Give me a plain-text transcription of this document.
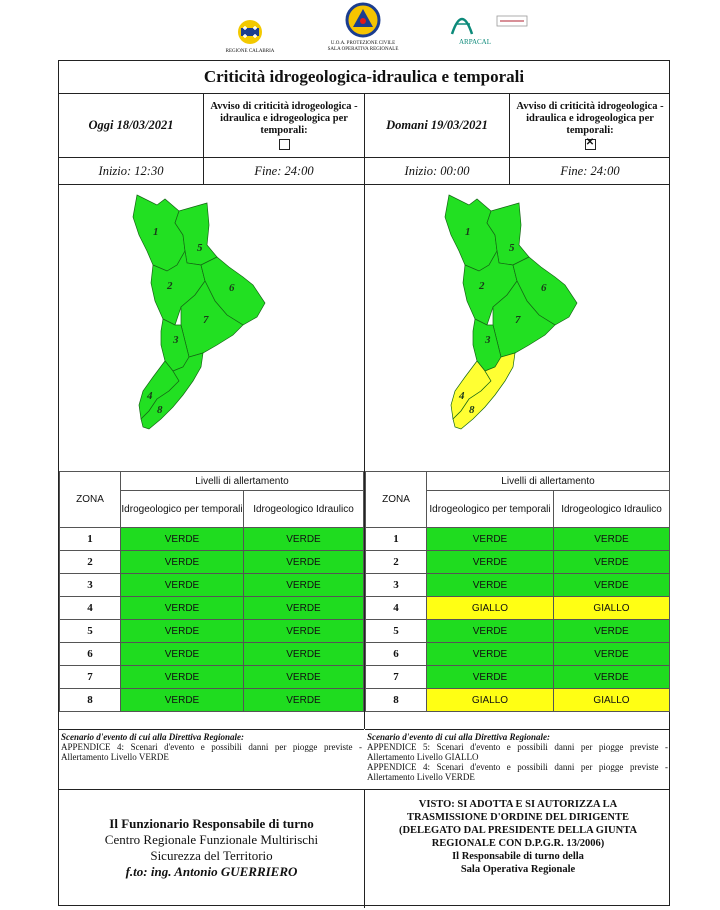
REGIONE CALABRIA
U.O.A. PROTEZIONE CIVILE
SALA OPERATIVA REGIONALE
ARPACAL
Criticità idrogeologica-idraulica e temporali
Oggi 18/03/2021
Avviso di criticità idrogeologica - idraulica e idrogeologica per temporali:
Inizio: 12:30	Fine: 24:00
1
2
3
4
5
6
7
8
ZONA	Livelli di allertamento	
	Idrogeologico per temporali	Idrogeologico Idraulico
1	VERDE	VERDE
2	VERDE	VERDE
3	VERDE	VERDE
4	VERDE	VERDE
5	VERDE	VERDE
6	VERDE	VERDE
7	VERDE	VERDE
8	VERDE	VERDE
Scenario d'evento di cui alla Direttiva Regionale:
APPENDICE 4: Scenari d'evento e possibili danni per piogge previste - Allertamento Livello VERDE
Domani 19/03/2021
Avviso di criticità idrogeologica - idraulica e idrogeologica per temporali:
✕
Inizio: 00:00	Fine: 24:00
1
2
3
4
5
6
7
8
ZONA	Livelli di allertamento	
	Idrogeologico per temporali	Idrogeologico Idraulico
1	VERDE	VERDE
2	VERDE	VERDE
3	VERDE	VERDE
4	GIALLO	GIALLO
5	VERDE	VERDE
6	VERDE	VERDE
7	VERDE	VERDE
8	GIALLO	GIALLO
Scenario d'evento di cui alla Direttiva Regionale:
APPENDICE 5: Scenari d'evento e possibili danni per piogge previste - Allertamento Livello GIALLO
APPENDICE 4: Scenari d'evento e possibili danni per piogge previste - Allertamento Livello VERDE
Il Funzionario Responsabile di turno
Centro Regionale Funzionale Multirischi
Sicurezza del Territorio
f.to: ing. Antonio GUERRIERO
VISTO: SI ADOTTA E SI AUTORIZZA LA TRASMISSIONE D'ORDINE DEL DIRIGENTE
(DELEGATO DAL PRESIDENTE DELLA GIUNTA REGIONALE CON D.P.G.R. 13/2006)
Il Responsabile di turno della
Sala Operativa Regionale
